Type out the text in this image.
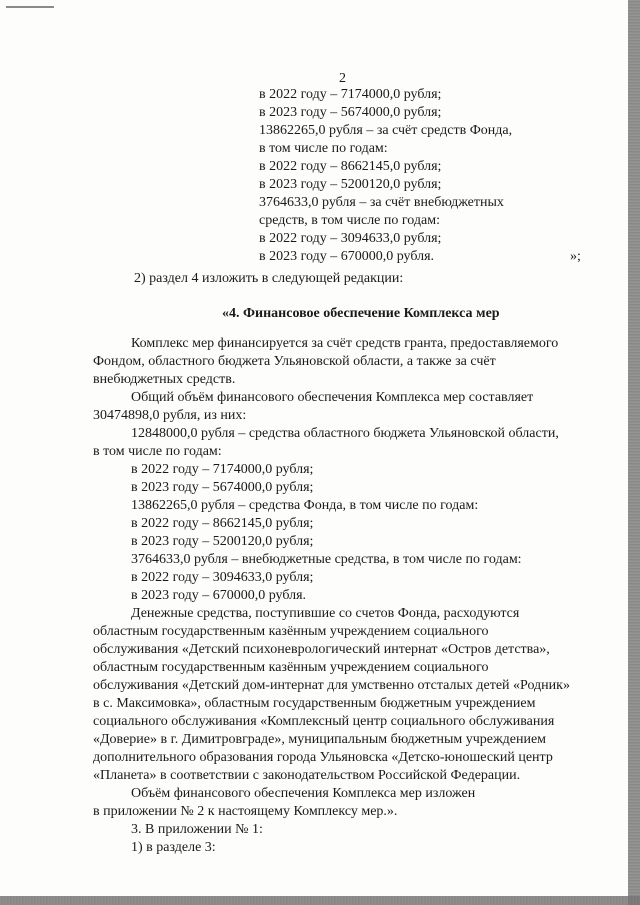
2
в 2022 году – 7174000,0 рубля;
в 2023 году – 5674000,0 рубля;
13862265,0 рубля – за счёт средств Фонда,
в том числе по годам:
в 2022 году – 8662145,0 рубля;
в 2023 году – 5200120,0 рубля;
3764633,0 рубля – за счёт внебюджетных
средств, в том числе по годам:
в 2022 году – 3094633,0 рубля;
в 2023 году – 670000,0 рубля.	»;
2) раздел 4 изложить в следующей редакции:
«4. Финансовое обеспечение Комплекса мер
Комплекс мер финансируется за счёт средств гранта, предоставляемого
Фондом, областного бюджета Ульяновской области, а также за счёт
внебюджетных средств.
Общий объём финансового обеспечения Комплекса мер составляет
30474898,0 рубля, из них:
12848000,0 рубля – средства областного бюджета Ульяновской области,
в том числе по годам:
в 2022 году – 7174000,0 рубля;
в 2023 году – 5674000,0 рубля;
13862265,0 рубля – средства Фонда, в том числе по годам:
в 2022 году – 8662145,0 рубля;
в 2023 году – 5200120,0 рубля;
3764633,0 рубля – внебюджетные средства, в том числе по годам:
в 2022 году – 3094633,0 рубля;
в 2023 году – 670000,0 рубля.
Денежные средства, поступившие со счетов Фонда, расходуются
областным государственным казённым учреждением социального
обслуживания «Детский психоневрологический интернат «Остров детства»,
областным государственным казённым учреждением социального
обслуживания «Детский дом-интернат для умственно отсталых детей «Родник»
в с. Максимовка», областным государственным бюджетным учреждением
социального обслуживания «Комплексный центр социального обслуживания
«Доверие» в г. Димитровграде», муниципальным бюджетным учреждением
дополнительного образования города Ульяновска «Детско-юношеский центр
«Планета» в соответствии с законодательством Российской Федерации.
Объём финансового обеспечения Комплекса мер изложен
в приложении № 2 к настоящему Комплексу мер.».
3. В приложении № 1:
1) в разделе 3:
